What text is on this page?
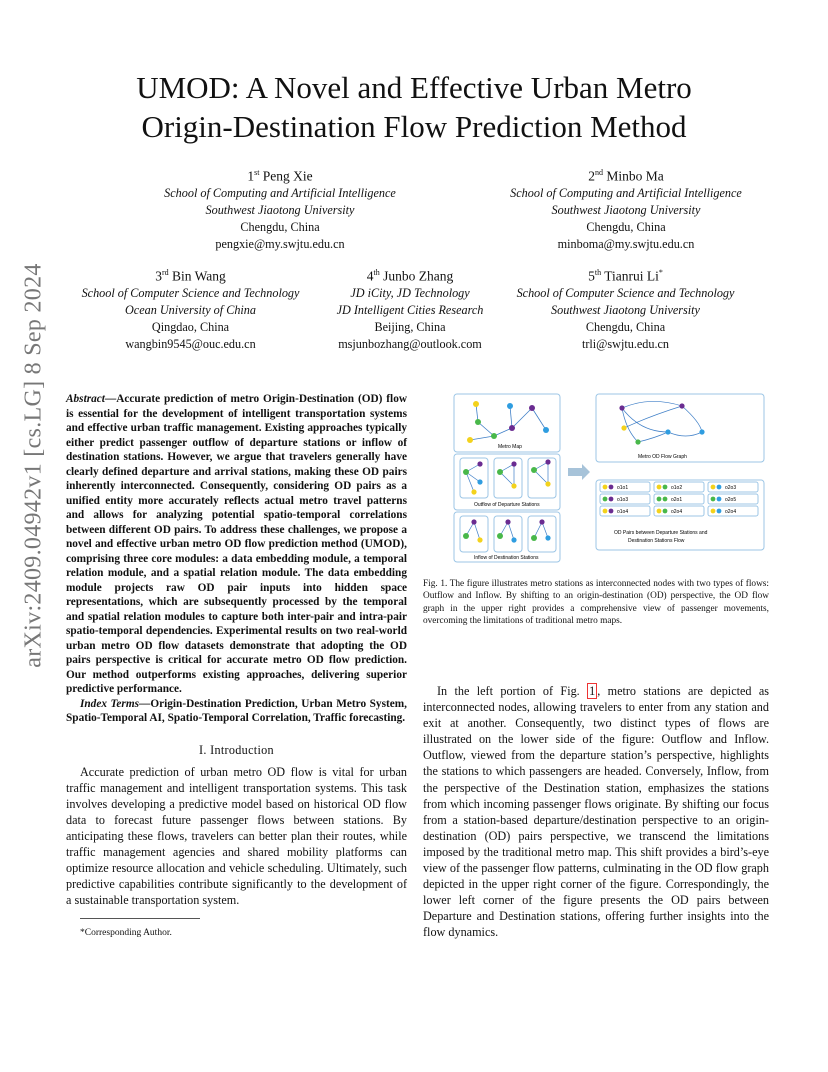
arXiv:2409.04942v1 [cs.LG] 8 Sep 2024
UMOD: A Novel and Effective Urban Metro
Origin-Destination Flow Prediction Method
1st Peng Xie
School of Computing and Artificial Intelligence
Southwest Jiaotong University
Chengdu, China
pengxie@my.swjtu.edu.cn
2nd Minbo Ma
School of Computing and Artificial Intelligence
Southwest Jiaotong University
Chengdu, China
minboma@my.swjtu.edu.cn
3rd Bin Wang
School of Computer Science and Technology
Ocean University of China
Qingdao, China
wangbin9545@ouc.edu.cn
4th Junbo Zhang
JD iCity, JD Technology
JD Intelligent Cities Research
Beijing, China
msjunbozhang@outlook.com
5th Tianrui Li*
School of Computer Science and Technology
Southwest Jiaotong University
Chengdu, China
trli@swjtu.edu.cn
Abstract—Accurate prediction of metro Origin-Destination (OD) flow is essential for the development of intelligent transportation systems and effective urban traffic management. Existing approaches typically either predict passenger outflow of departure stations or inflow of destination stations. However, we argue that travelers generally have clearly defined departure and arrival stations, making these OD pairs inherently interconnected. Consequently, considering OD pairs as a unified entity more accurately reflects actual metro travel patterns and allows for analyzing potential spatio-temporal correlations between different OD pairs. To address these challenges, we propose a novel and effective urban metro OD flow prediction method (UMOD), comprising three core modules: a data embedding module, a temporal relation module, and a spatial relation module. The data embedding module projects raw OD pair inputs into hidden space representations, which are subsequently processed by the temporal and spatial relation modules to capture both inter-pair and intra-pair spatio-temporal dependencies. Experimental results on two real-world urban metro OD flow datasets demonstrate that adopting the OD pairs perspective is critical for accurate metro OD flow prediction. Our method outperforms existing approaches, delivering superior predictive performance.
Index Terms—Origin-Destination Prediction, Urban Metro System, Spatio-Temporal AI, Spatio-Temporal Correlation, Traffic forecasting.
I. Introduction

Accurate prediction of urban metro OD flow is vital for urban traffic management and intelligent transportation systems. This task involves developing a predictive model based on historical OD flow data to forecast future passenger flows between stations. By anticipating these flows, travelers can better plan their routes, while traffic management agencies and shared mobility platforms can optimize resource allocation and vehicle scheduling. Ultimately, such predictive capabilities contribute significantly to the development of a sustainable transportation system.

*Corresponding Author.
Metro Map
Outflow of Departure Stations
Inflow of Destination Stations
Metro OD Flow Graph
o1o1	o1o2	o2o3
o1o3	o2o1	o2o5
o1o4	o2o4	o2o4
OD Pairs between Departure Stations and
Destination Stations Flow
Fig. 1. The figure illustrates metro stations as interconnected nodes with two types of flows: Outflow and Inflow. By shifting to an origin-destination (OD) perspective, the OD flow graph in the upper right provides a comprehensive view of passenger movements, overcoming the limitations of traditional metro maps.

In the left portion of Fig. 1 , metro stations are depicted as interconnected nodes, allowing travelers to enter from any station and exit at another. Consequently, two distinct types of flows are illustrated on the lower side of the figure: Outflow and Inflow. Outflow, viewed from the departure station’s perspective, highlights the stations to which passengers are headed. Conversely, Inflow, from the perspective of the Destination station, emphasizes the stations from which incoming passenger flows originate. By shifting our focus from a station-based departure/destination perspective to an origin-destination (OD) pairs perspective, we transcend the limitations imposed by the traditional metro map. This shift provides a bird’s-eye view of the passenger flow patterns, culminating in the OD flow graph depicted in the upper right corner of the figure. Correspondingly, the lower left corner of the figure presents the OD pairs between Departure and Destination stations, offering further insights into the flow dynamics.
